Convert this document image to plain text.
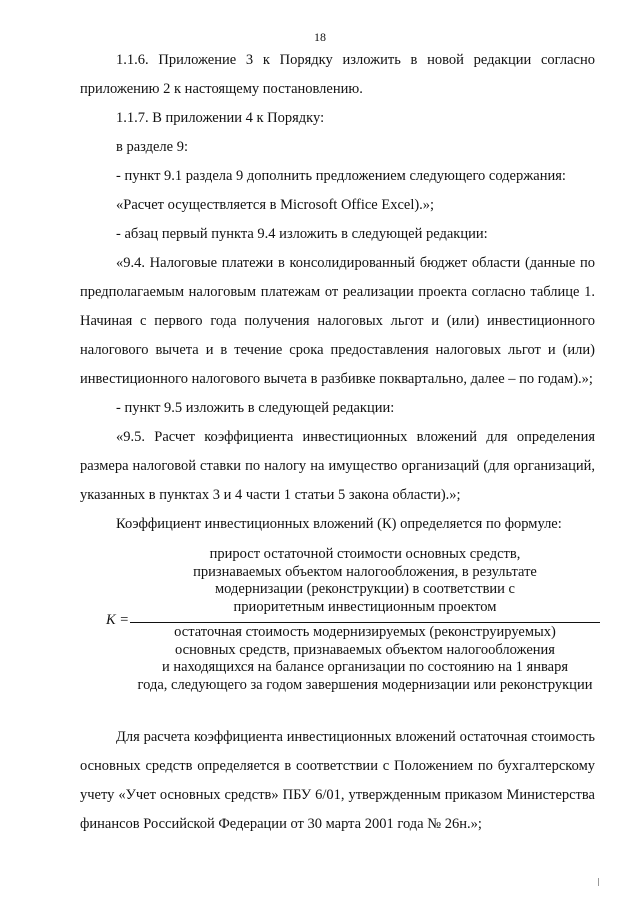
18

1.1.6. Приложение 3 к Порядку изложить в новой редакции согласно приложению 2 к настоящему постановлению.

1.1.7. В приложении 4 к Порядку:

в разделе 9:

- пункт 9.1 раздела 9 дополнить предложением следующего содержания:

«Расчет осуществляется в Microsoft Office Excel).»;

- абзац первый пункта 9.4 изложить в следующей редакции:

«9.4. Налоговые платежи в консолидированный бюджет области (данные по предполагаемым налоговым платежам от реализации проекта согласно таблице 1. Начиная с первого года получения налоговых льгот и (или) инвестиционного налогового вычета и в течение срока предоставления налоговых льгот и (или) инвестиционного налогового вычета в разбивке поквартально, далее – по годам).»;

- пункт 9.5 изложить в следующей редакции:

«9.5. Расчет коэффициента инвестиционных вложений для определения размера налоговой ставки по налогу на имущество организаций (для организаций, указанных в пунктах 3 и 4 части 1 статьи 5 закона области).»;

Коэффициент инвестиционных вложений (К) определяется по формуле:

К =
прирост остаточной стоимости основных средств,
признаваемых объектом налогообложения, в результате
модернизации (реконструкции) в соответствии с
приоритетным инвестиционным проектом
остаточная стоимость модернизируемых (реконструируемых)
основных средств, признаваемых объектом налогообложения
и находящихся на балансе организации по состоянию на 1 января
года, следующего за годом завершения модернизации или реконструкции

Для расчета коэффициента инвестиционных вложений остаточная стоимость основных средств определяется в соответствии с Положением по бухгалтерскому учету «Учет основных средств» ПБУ 6/01, утвержденным приказом Министерства финансов Российской Федерации от 30 марта 2001 года № 26н.»;
